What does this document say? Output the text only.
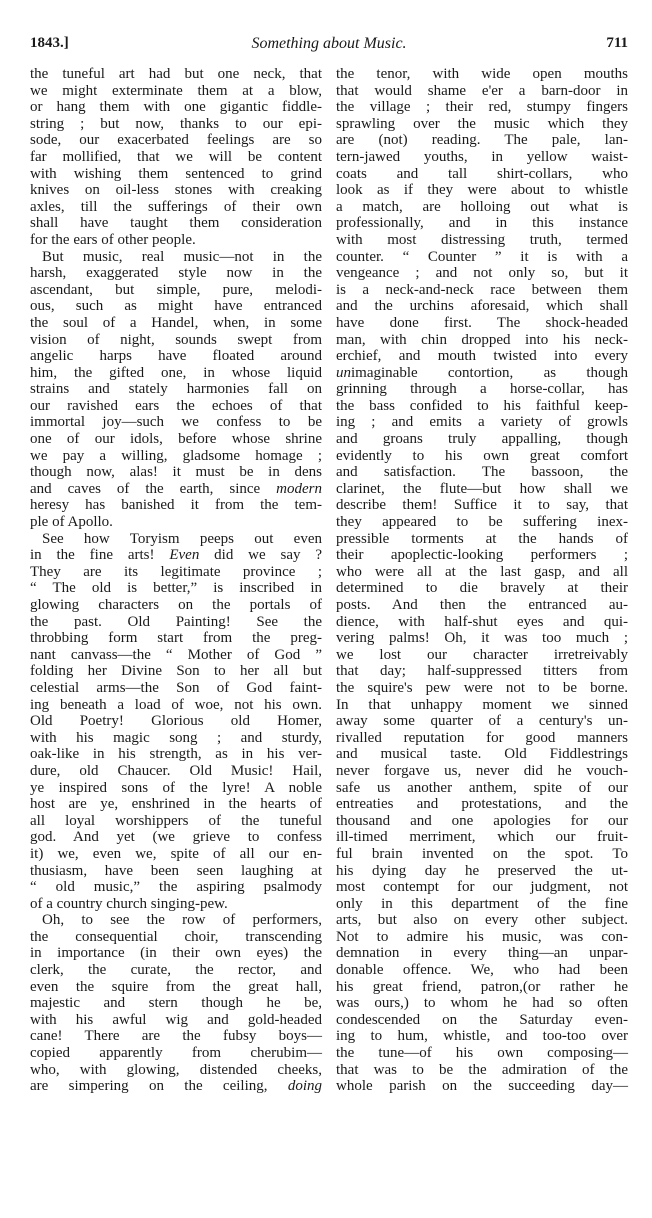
1843.]	Something about Music.	711
the tuneful art had but one neck, that
we might exterminate them at a blow,
or hang them with one gigantic fiddle-
string ; but now, thanks to our epi-
sode, our exacerbated feelings are so
far mollified, that we will be content
with wishing them sentenced to grind
knives on oil-less stones with creaking
axles, till the sufferings of their own
shall have taught them consideration
for the ears of other people.
But music, real music—not in the
harsh, exaggerated style now in the
ascendant, but simple, pure, melodi-
ous, such as might have entranced
the soul of a Handel, when, in some
vision of night, sounds swept from
angelic harps have floated around
him, the gifted one, in whose liquid
strains and stately harmonies fall on
our ravished ears the echoes of that
immortal joy—such we confess to be
one of our idols, before whose shrine
we pay a willing, gladsome homage ;
though now, alas! it must be in dens
and caves of the earth, since modern
heresy has banished it from the tem-
ple of Apollo.
See how Toryism peeps out even
in the fine arts! Even did we say ?
They are its legitimate province ;
“ The old is better,” is inscribed in
glowing characters on the portals of
the past. Old Painting! See the
throbbing form start from the preg-
nant canvass—the “ Mother of God ”
folding her Divine Son to her all but
celestial arms—the Son of God faint-
ing beneath a load of woe, not his own.
Old Poetry! Glorious old Homer,
with his magic song ; and sturdy,
oak-like in his strength, as in his ver-
dure, old Chaucer. Old Music! Hail,
ye inspired sons of the lyre! A noble
host are ye, enshrined in the hearts of
all loyal worshippers of the tuneful
god. And yet (we grieve to confess
it) we, even we, spite of all our en-
thusiasm, have been seen laughing at
“ old music,” the aspiring psalmody
of a country church singing-pew.
Oh, to see the row of performers,
the consequential choir, transcending
in importance (in their own eyes) the
clerk, the curate, the rector, and
even the squire from the great hall,
majestic and stern though he be,
with his awful wig and gold-headed
cane! There are the fubsy boys—
copied apparently from cherubim—
who, with glowing, distended cheeks,
are simpering on the ceiling, doing
the tenor, with wide open mouths
that would shame e'er a barn-door in
the village ; their red, stumpy fingers
sprawling over the music which they
are (not) reading. The pale, lan-
tern-jawed youths, in yellow waist-
coats and tall shirt-collars, who
look as if they were about to whistle
a match, are holloing out what is
professionally, and in this instance
with most distressing truth, termed
counter. “ Counter ” it is with a
vengeance ; and not only so, but it
is a neck-and-neck race between them
and the urchins aforesaid, which shall
have done first. The shock-headed
man, with chin dropped into his neck-
erchief, and mouth twisted into every
unimaginable contortion, as though
grinning through a horse-collar, has
the bass confided to his faithful keep-
ing ; and emits a variety of growls
and groans truly appalling, though
evidently to his own great comfort
and satisfaction. The bassoon, the
clarinet, the flute—but how shall we
describe them! Suffice it to say, that
they appeared to be suffering inex-
pressible torments at the hands of
their apoplectic-looking performers ;
who were all at the last gasp, and all
determined to die bravely at their
posts. And then the entranced au-
dience, with half-shut eyes and qui-
vering palms! Oh, it was too much ;
we lost our character irretreivably
that day; half-suppressed titters from
the squire's pew were not to be borne.
In that unhappy moment we sinned
away some quarter of a century's un-
rivalled reputation for good manners
and musical taste. Old Fiddlestrings
never forgave us, never did he vouch-
safe us another anthem, spite of our
entreaties and protestations, and the
thousand and one apologies for our
ill-timed merriment, which our fruit-
ful brain invented on the spot. To
his dying day he preserved the ut-
most contempt for our judgment, not
only in this department of the fine
arts, but also on every other subject.
Not to admire his music, was con-
demnation in every thing—an unpar-
donable offence. We, who had been
his great friend, patron,(or rather he
was ours,) to whom he had so often
condescended on the Saturday even-
ing to hum, whistle, and too-too over
the tune—of his own composing—
that was to be the admiration of the
whole parish on the succeeding day—
